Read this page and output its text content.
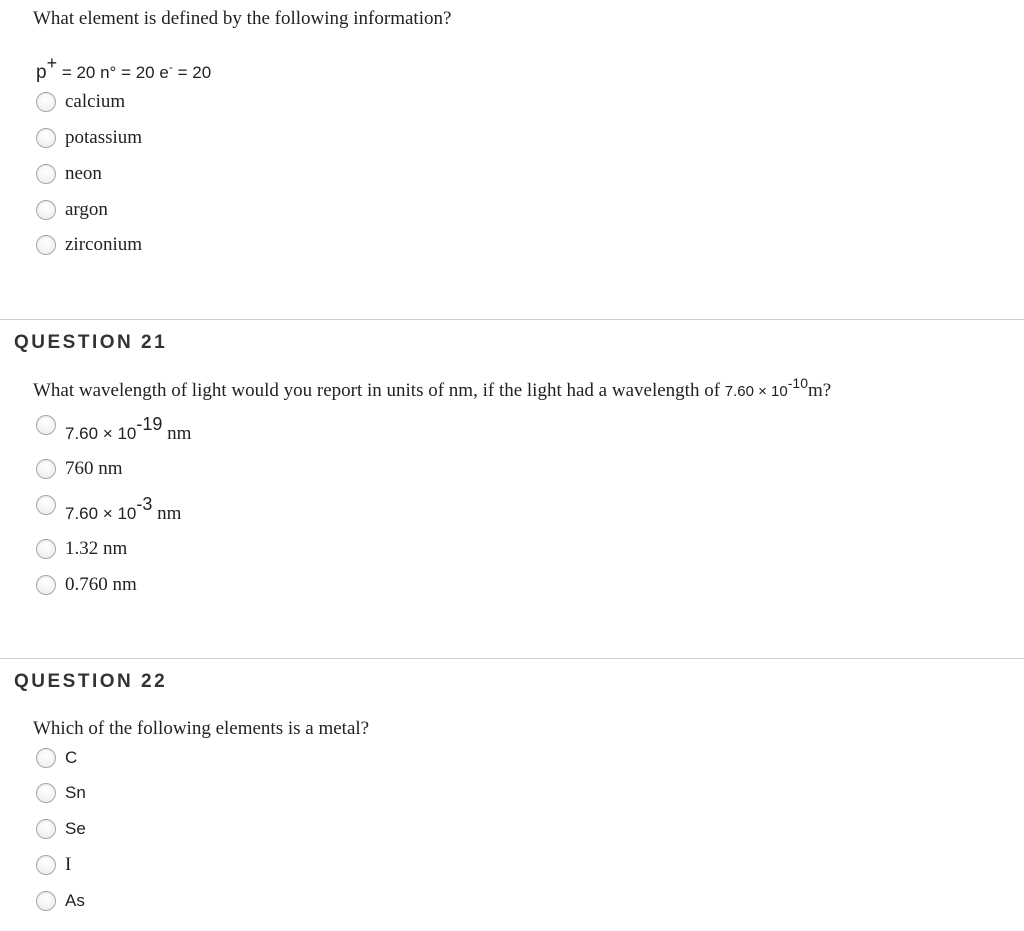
What element is defined by the following information?
p+ = 20 n° = 20 e- = 20
calcium
potassium
neon
argon
zirconium
QUESTION 21
What wavelength of light would you report in units of nm, if the light had a wavelength of $7.60 \times 10^{-10}m$?
7.60 × 10-19 nm
760 nm
7.60 × 10-3 nm
1.32 nm
0.760 nm
QUESTION 22
Which of the following elements is a metal?
C
Sn
Se
I
As
